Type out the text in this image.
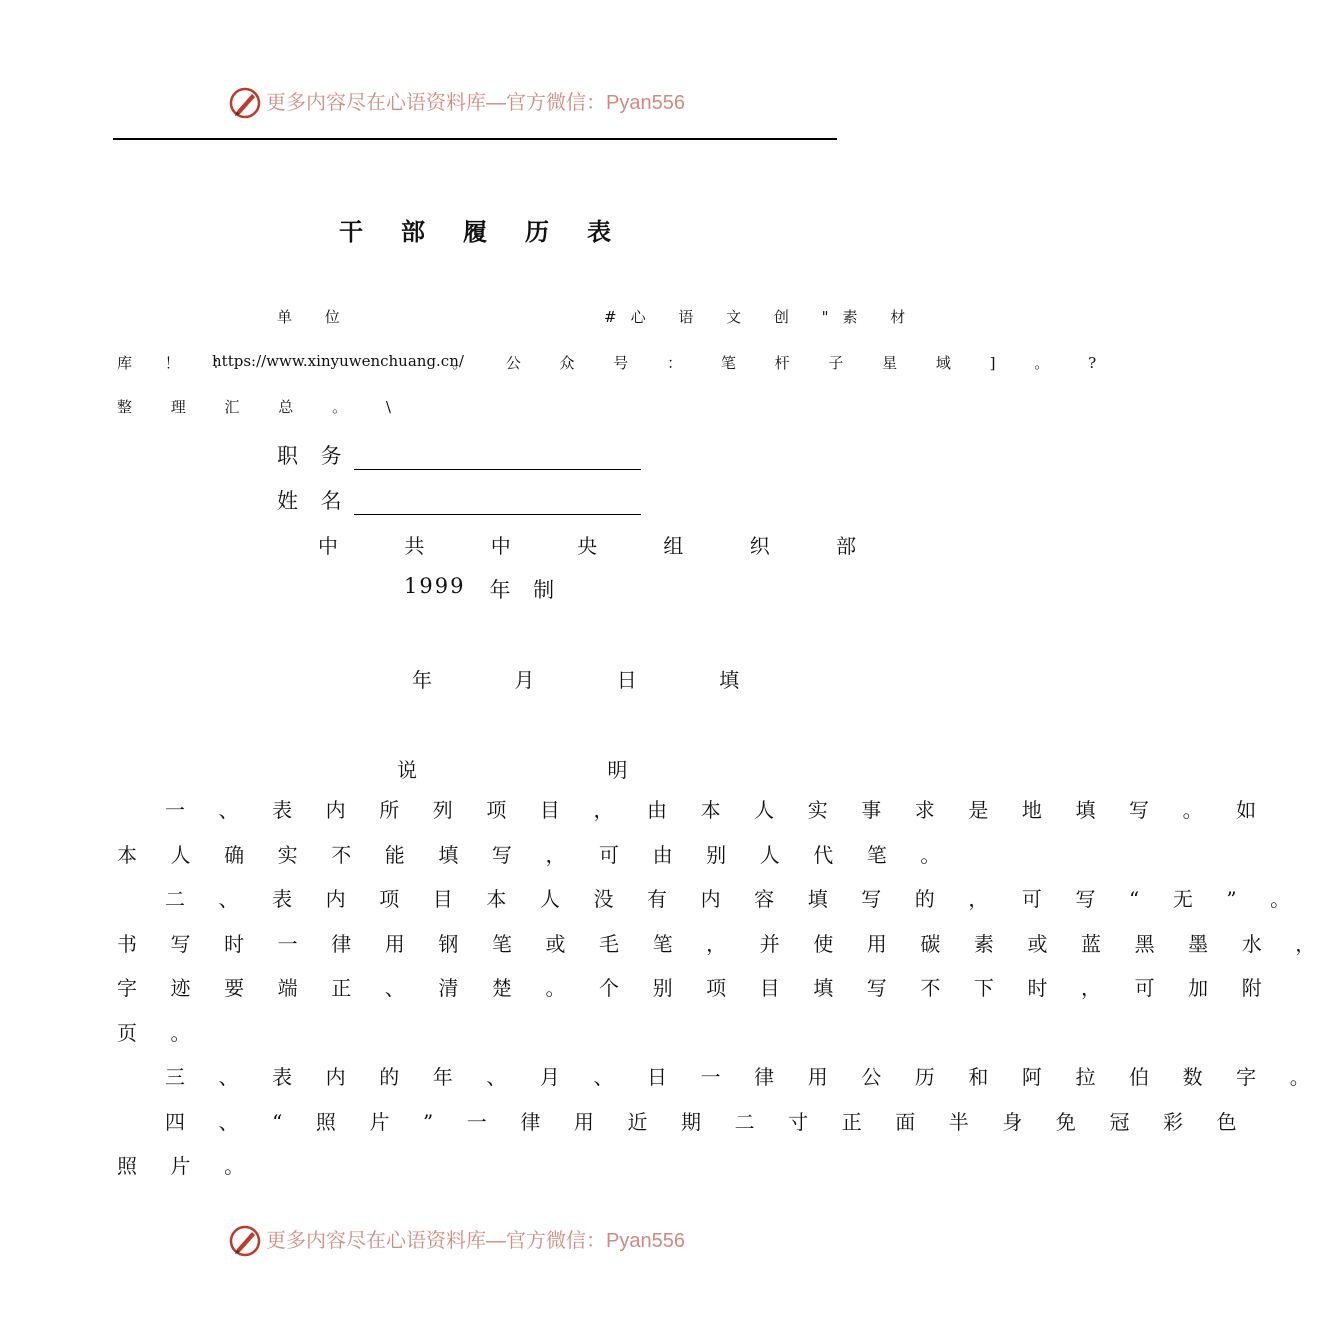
更多内容尽在心语资料库—官方微信：Pyan556
干部履历表
单 位	#心 语 文 创 "素 材
库 ！ ：
https://www.xinyuwenchuang.cn/
。 公 众 号 ： 笔 杆 子 星 域 ] 。 ?
整 理 汇 总 。 \
职 务
姓 名
中 共 中 央 组 织 部
1999 年 制
年 月 日 填
说 明
一 、 表 内 所 列 项 目 ， 由 本 人 实 事 求 是 地 填 写 。 如
本 人 确 实 不 能 填 写 ， 可 由 别 人 代 笔 。
二 、 表 内 项 目 本 人 没 有 内 容 填 写 的 ， 可 写 “ 无 ” 。
书 写 时 一 律 用 钢 笔 或 毛 笔 ， 并 使 用 碳 素 或 蓝 黑 墨 水 ，
字 迹 要 端 正 、 清 楚 。 个 别 项 目 填 写 不 下 时 ， 可 加 附
页 。
三 、 表 内 的 年 、 月 、 日 一 律 用 公 历 和 阿 拉 伯 数 字 。
四 、 “ 照 片 ” 一 律 用 近 期 二 寸 正 面 半 身 免 冠 彩 色
照 片 。
更多内容尽在心语资料库—官方微信：Pyan556
